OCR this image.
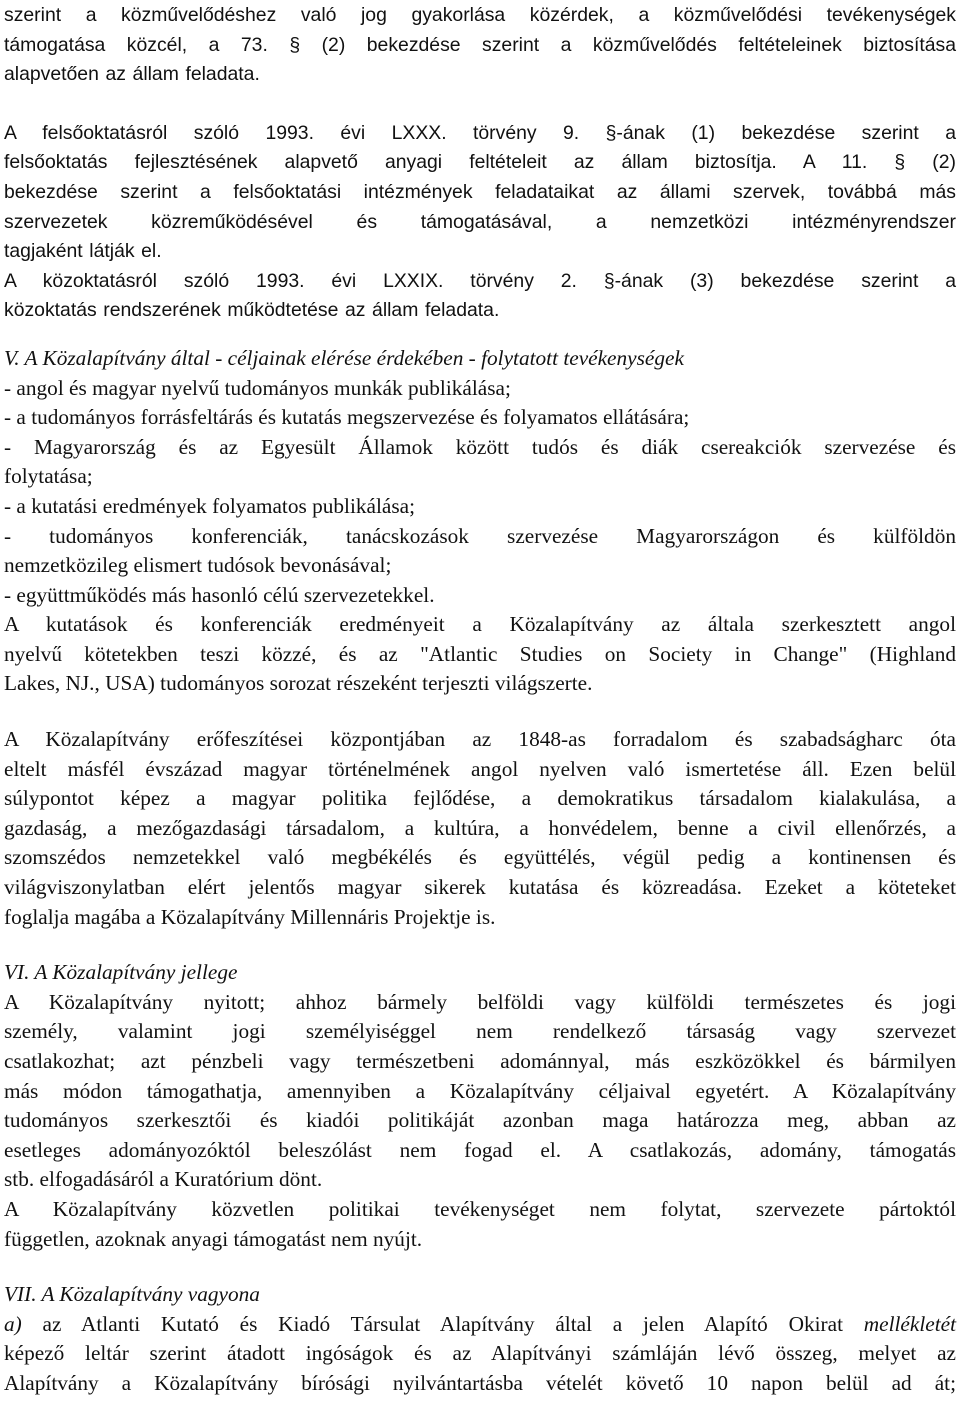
szerint a közművelődéshez való jog gyakorlása közérdek, a közművelődési tevékenységek
támogatása közcél, a 73. § (2) bekezdése szerint a közművelődés feltételeinek biztosítása
alapvetően az állam feladata.
A felsőoktatásról szóló 1993. évi LXXX. törvény 9. §-ának (1) bekezdése szerint a
felsőoktatás fejlesztésének alapvető anyagi feltételeit az állam biztosítja. A 11. § (2)
bekezdése szerint a felsőoktatási intézmények feladataikat az állami szervek, továbbá más
szervezetek közreműködésével és támogatásával, a nemzetközi intézményrendszer
tagjaként látják el.
A közoktatásról szóló 1993. évi LXXIX. törvény 2. §-ának (3) bekezdése szerint a
közoktatás rendszerének működtetése az állam feladata.
V. A Közalapítvány által - céljainak elérése érdekében - folytatott tevékenységek
- angol és magyar nyelvű tudományos munkák publikálása;
- a tudományos forrásfeltárás és kutatás megszervezése és folyamatos ellátására;
- Magyarország és az Egyesült Államok között tudós és diák csereakciók szervezése és
folytatása;
- a kutatási eredmények folyamatos publikálása;
- tudományos konferenciák, tanácskozások szervezése Magyarországon és külföldön
nemzetközileg elismert tudósok bevonásával;
- együttműködés más hasonló célú szervezetekkel.
A kutatások és konferenciák eredményeit a Közalapítvány az általa szerkesztett angol
nyelvű kötetekben teszi közzé, és az "Atlantic Studies on Society in Change" (Highland
Lakes, NJ., USA) tudományos sorozat részeként terjeszti világszerte.
A Közalapítvány erőfeszítései központjában az 1848-as forradalom és szabadságharc óta
eltelt másfél évszázad magyar történelmének angol nyelven való ismertetése áll. Ezen belül
súlypontot képez a magyar politika fejlődése, a demokratikus társadalom kialakulása, a
gazdaság, a mezőgazdasági társadalom, a kultúra, a honvédelem, benne a civil ellenőrzés, a
szomszédos nemzetekkel való megbékélés és együttélés, végül pedig a kontinensen és
világviszonylatban elért jelentős magyar sikerek kutatása és közreadása. Ezeket a köteteket
foglalja magába a Közalapítvány Millennáris Projektje is.
VI. A Közalapítvány jellege
A Közalapítvány nyitott; ahhoz bármely belföldi vagy külföldi természetes és jogi
személy, valamint jogi személyiséggel nem rendelkező társaság vagy szervezet
csatlakozhat; azt pénzbeli vagy természetbeni adománnyal, más eszközökkel és bármilyen
más módon támogathatja, amennyiben a Közalapítvány céljaival egyetért. A Közalapítvány
tudományos szerkesztői és kiadói politikáját azonban maga határozza meg, abban az
esetleges adományozóktól beleszólást nem fogad el. A csatlakozás, adomány, támogatás
stb. elfogadásáról a Kuratórium dönt.
A Közalapítvány közvetlen politikai tevékenységet nem folytat, szervezete pártoktól
független, azoknak anyagi támogatást nem nyújt.
VII. A Közalapítvány vagyona
a) az Atlanti Kutató és Kiadó Társulat Alapítvány által a jelen Alapító Okirat mellékletét
képező leltár szerint átadott ingóságok és az Alapítványi számláján lévő összeg, melyet az
Alapítvány a Közalapítvány bírósági nyilvántartásba vételét követő 10 napon belül ad át;
